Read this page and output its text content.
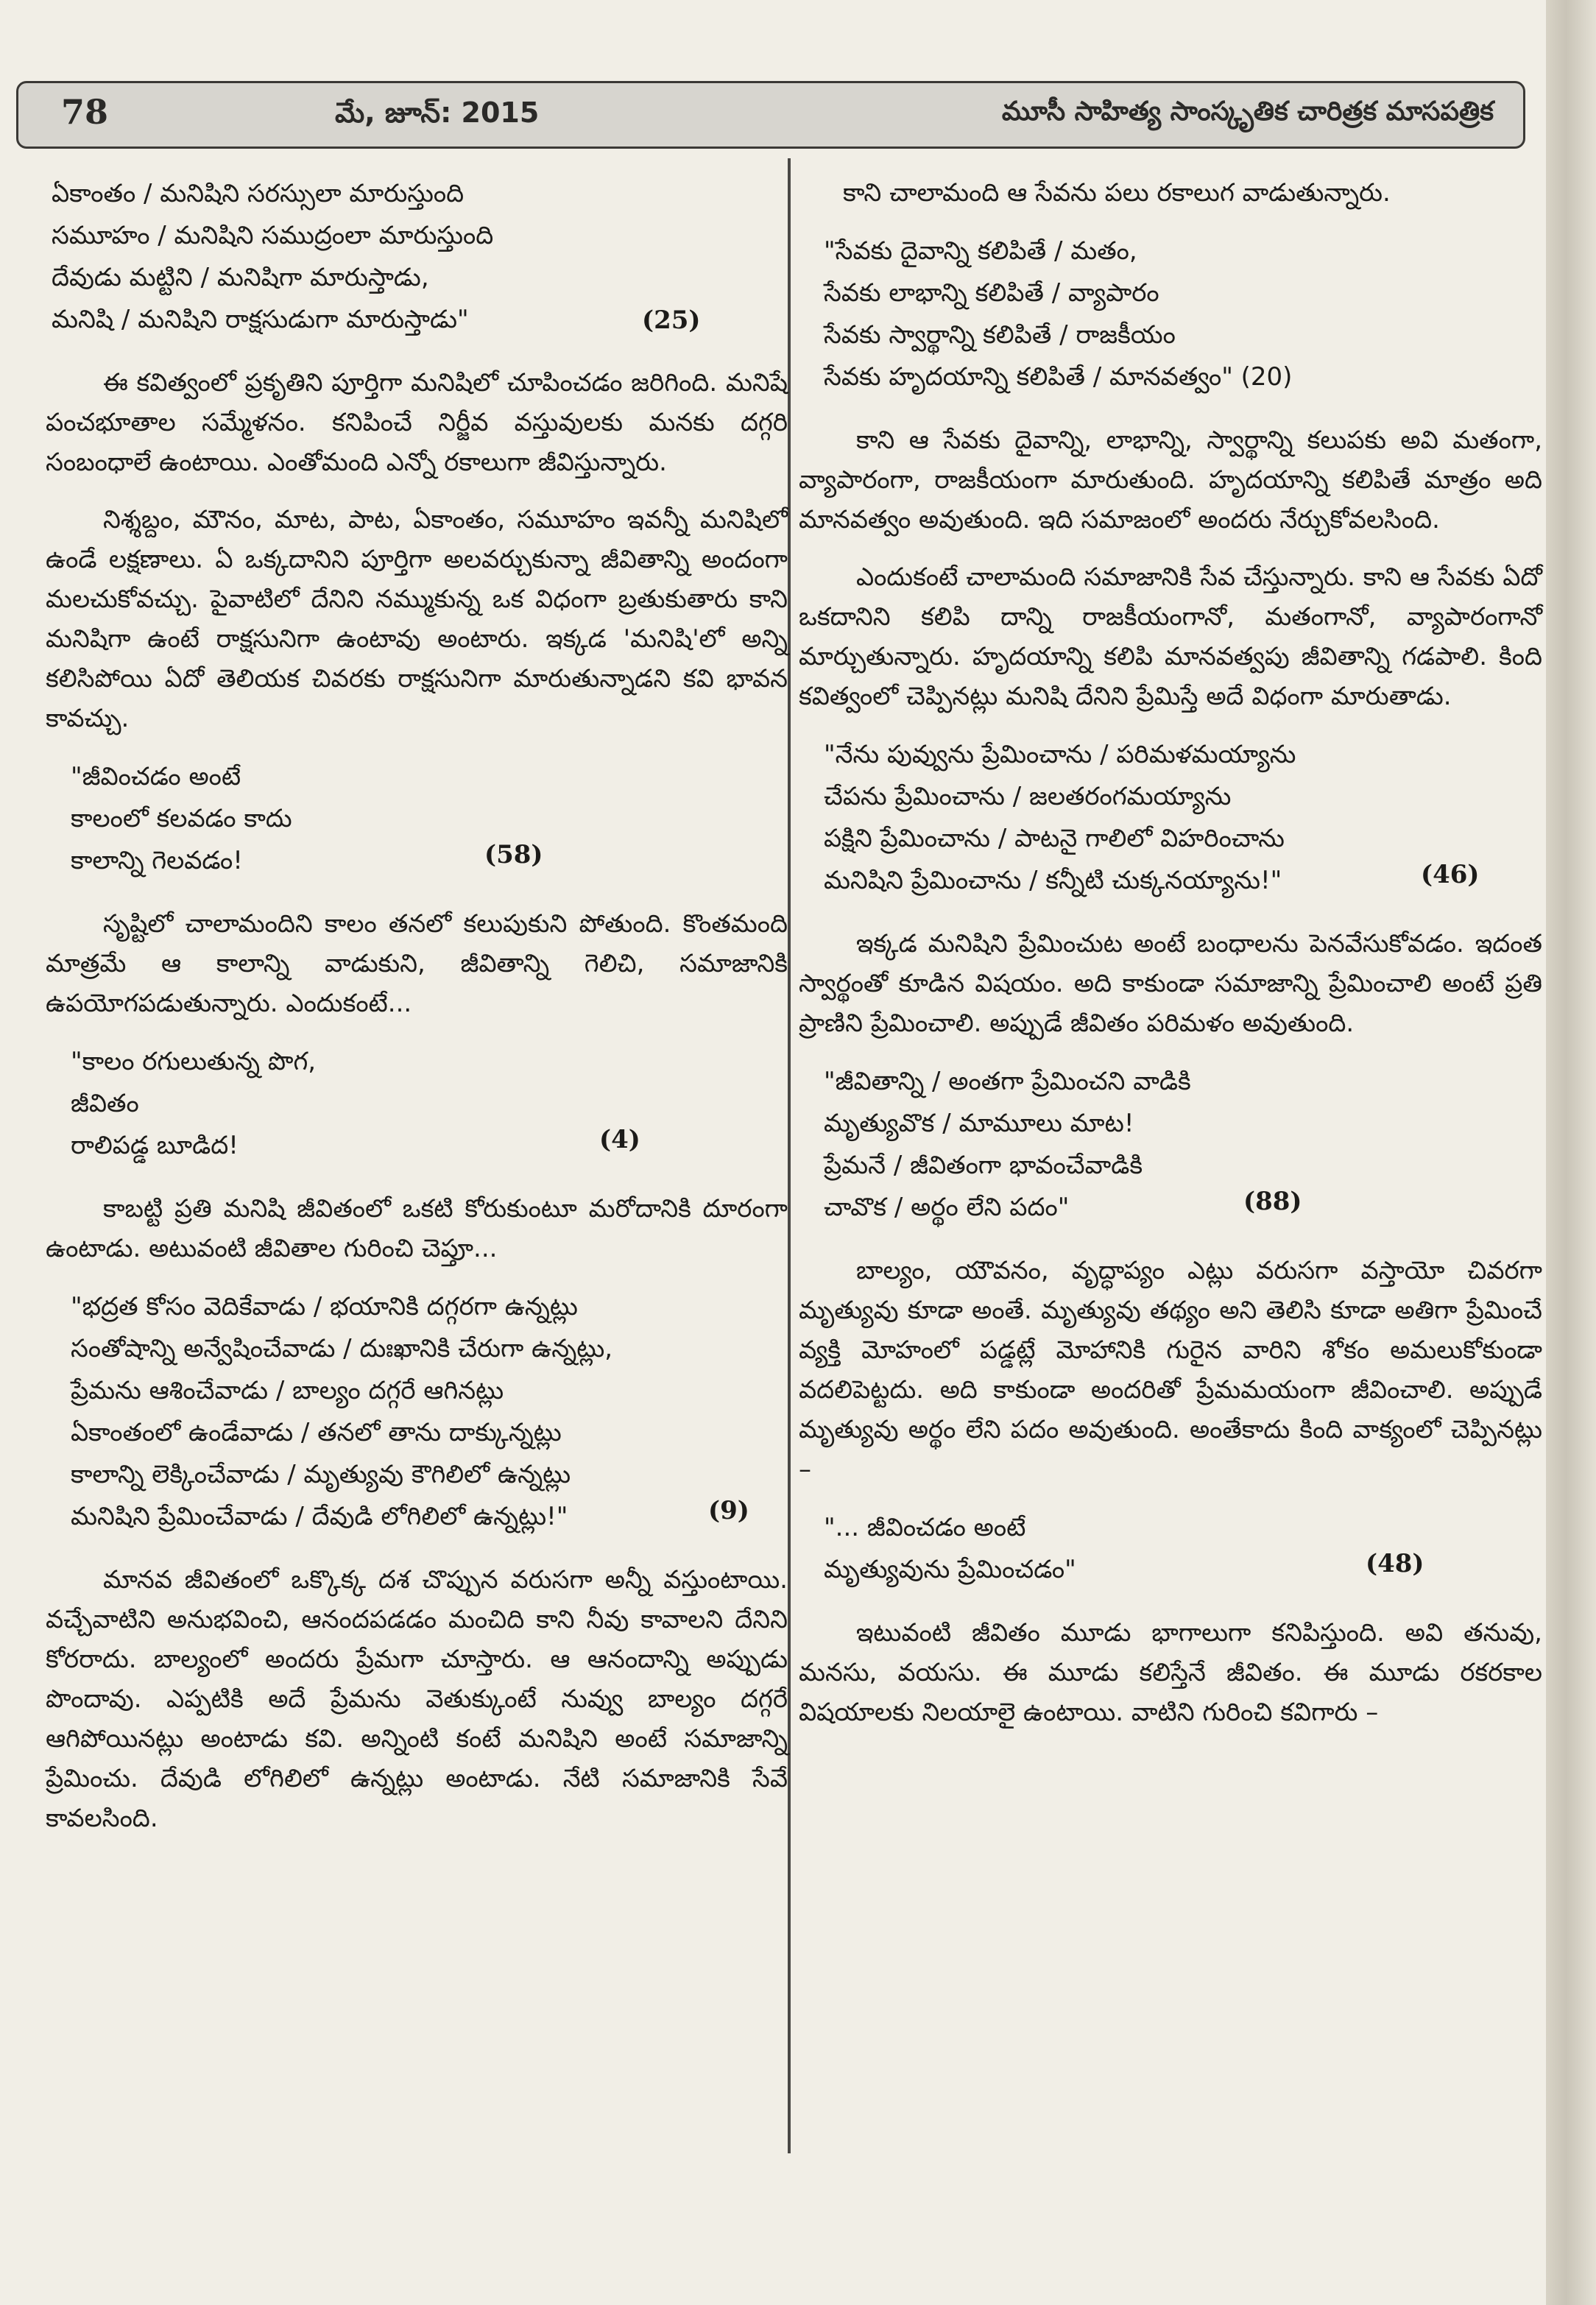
78	మే, జూన్: 2015	మూసీ సాహిత్య సాంస్కృతిక చారిత్రక మాసపత్రిక
ఏకాంతం / మనిషిని సరస్సులా మారుస్తుంది
సమూహం / మనిషిని సముద్రంలా మారుస్తుంది
దేవుడు మట్టిని / మనిషిగా మారుస్తాడు,
మనిషి / మనిషిని రాక్షసుడుగా మారుస్తాడు"	(25)

ఈ కవిత్వంలో ప్రకృతిని పూర్తిగా మనిషిలో చూపించడం జరిగింది. మనిషే పంచభూతాల సమ్మేళనం. కనిపించే నిర్జీవ వస్తువులకు మనకు దగ్గరి సంబంధాలే ఉంటాయి. ఎంతోమంది ఎన్నో రకాలుగా జీవిస్తున్నారు.

నిశ్శబ్దం, మౌనం, మాట, పాట, ఏకాంతం, సమూహం ఇవన్నీ మనిషిలో ఉండే లక్షణాలు. ఏ ఒక్కదానిని పూర్తిగా అలవర్చుకున్నా జీవితాన్ని అందంగా మలచుకోవచ్చు. పైవాటిలో దేనిని నమ్ముకున్న ఒక విధంగా బ్రతుకుతారు కాని మనిషిగా ఉంటే రాక్షసునిగా ఉంటావు అంటారు. ఇక్కడ 'మనిషి'లో అన్ని కలిసిపోయి ఏదో తెలియక చివరకు రాక్షసునిగా మారుతున్నాడని కవి భావన కావచ్చు.

"జీవించడం అంటే
కాలంలో కలవడం కాదు
కాలాన్ని గెలవడం!	(58)

సృష్టిలో చాలామందిని కాలం తనలో కలుపుకుని పోతుంది. కొంతమంది మాత్రమే ఆ కాలాన్ని వాడుకుని, జీవితాన్ని గెలిచి, సమాజానికి ఉపయోగపడుతున్నారు. ఎందుకంటే...

"కాలం రగులుతున్న పొగ,
జీవితం
రాలిపడ్డ బూడిద!	(4)

కాబట్టి ప్రతి మనిషి జీవితంలో ఒకటి కోరుకుంటూ మరోదానికి దూరంగా ఉంటాడు. అటువంటి జీవితాల గురించి చెప్తూ...

"భద్రత కోసం వెదికేవాడు / భయానికి దగ్గరగా ఉన్నట్లు
సంతోషాన్ని అన్వేషించేవాడు / దుఃఖానికి చేరుగా ఉన్నట్లు,
ప్రేమను ఆశించేవాడు / బాల్యం దగ్గరే ఆగినట్లు
ఏకాంతంలో ఉండేవాడు / తనలో తాను దాక్కున్నట్లు
కాలాన్ని లెక్కించేవాడు / మృత్యువు కౌగిలిలో ఉన్నట్లు
మనిషిని ప్రేమించేవాడు / దేవుడి లోగిలిలో ఉన్నట్లు!"	(9)

మానవ జీవితంలో ఒక్కొక్క దశ చొప్పున వరుసగా అన్నీ వస్తుంటాయి. వచ్చేవాటిని అనుభవించి, ఆనందపడడం మంచిది కాని నీవు కావాలని దేనిని కోరరాదు. బాల్యంలో అందరు ప్రేమగా చూస్తారు. ఆ ఆనందాన్ని అప్పుడు పొందావు. ఎప్పటికి అదే ప్రేమను వెతుక్కుంటే నువ్వు బాల్యం దగ్గరే ఆగిపోయినట్లు అంటాడు కవి. అన్నింటి కంటే మనిషిని అంటే సమాజాన్ని ప్రేమించు. దేవుడి లోగిలిలో ఉన్నట్లు అంటాడు. నేటి సమాజానికి సేవే కావలసింది.

కాని చాలామంది ఆ సేవను పలు రకాలుగ వాడుతున్నారు.

"సేవకు దైవాన్ని కలిపితే / మతం,
సేవకు లాభాన్ని కలిపితే / వ్యాపారం
సేవకు స్వార్థాన్ని కలిపితే / రాజకీయం
సేవకు హృదయాన్ని కలిపితే / మానవత్వం" (20)

కాని ఆ సేవకు దైవాన్ని, లాభాన్ని, స్వార్థాన్ని కలుపకు అవి మతంగా, వ్యాపారంగా, రాజకీయంగా మారుతుంది. హృదయాన్ని కలిపితే మాత్రం అది మానవత్వం అవుతుంది. ఇది సమాజంలో అందరు నేర్చుకోవలసింది.

ఎందుకంటే చాలామంది సమాజానికి సేవ చేస్తున్నారు. కాని ఆ సేవకు ఏదో ఒకదానిని కలిపి దాన్ని రాజకీయంగానో, మతంగానో, వ్యాపారంగానో మార్చుతున్నారు. హృదయాన్ని కలిపి మానవత్వపు జీవితాన్ని గడపాలి. కింది కవిత్వంలో చెప్పినట్లు మనిషి దేనిని ప్రేమిస్తే అదే విధంగా మారుతాడు.

"నేను పువ్వును ప్రేమించాను / పరిమళమయ్యాను
చేపను ప్రేమించాను / జలతరంగమయ్యాను
పక్షిని ప్రేమించాను / పాటనై గాలిలో విహరించాను
మనిషిని ప్రేమించాను / కన్నీటి చుక్కనయ్యాను!"	(46)

ఇక్కడ మనిషిని ప్రేమించుట అంటే బంధాలను పెనవేసుకోవడం. ఇదంత స్వార్థంతో కూడిన విషయం. అది కాకుండా సమాజాన్ని ప్రేమించాలి అంటే ప్రతి ప్రాణిని ప్రేమించాలి. అప్పుడే జీవితం పరిమళం అవుతుంది.

"జీవితాన్ని / అంతగా ప్రేమించని వాడికి
మృత్యువొక / మామూలు మాట!
ప్రేమనే / జీవితంగా భావంచేవాడికి
చావొక / అర్థం లేని పదం"	(88)

బాల్యం, యౌవనం, వృద్ధాప్యం ఎట్లు వరుసగా వస్తాయో చివరగా మృత్యువు కూడా అంతే. మృత్యువు తథ్యం అని తెలిసి కూడా అతిగా ప్రేమించే వ్యక్తి మోహంలో పడ్డట్లే మోహానికి గురైన వారిని శోకం అమలుకోకుండా వదలిపెట్టదు. అది కాకుండా అందరితో ప్రేమమయంగా జీవించాలి. అప్పుడే మృత్యువు అర్థం లేని పదం అవుతుంది. అంతేకాదు కింది వాక్యంలో చెప్పినట్లు –

"... జీవించడం అంటే
మృత్యువును ప్రేమించడం"	(48)

ఇటువంటి జీవితం మూడు భాగాలుగా కనిపిస్తుంది. అవి తనువు, మనసు, వయసు. ఈ మూడు కలిస్తేనే జీవితం. ఈ మూడు రకరకాల విషయాలకు నిలయాలై ఉంటాయి. వాటిని గురించి కవిగారు –
